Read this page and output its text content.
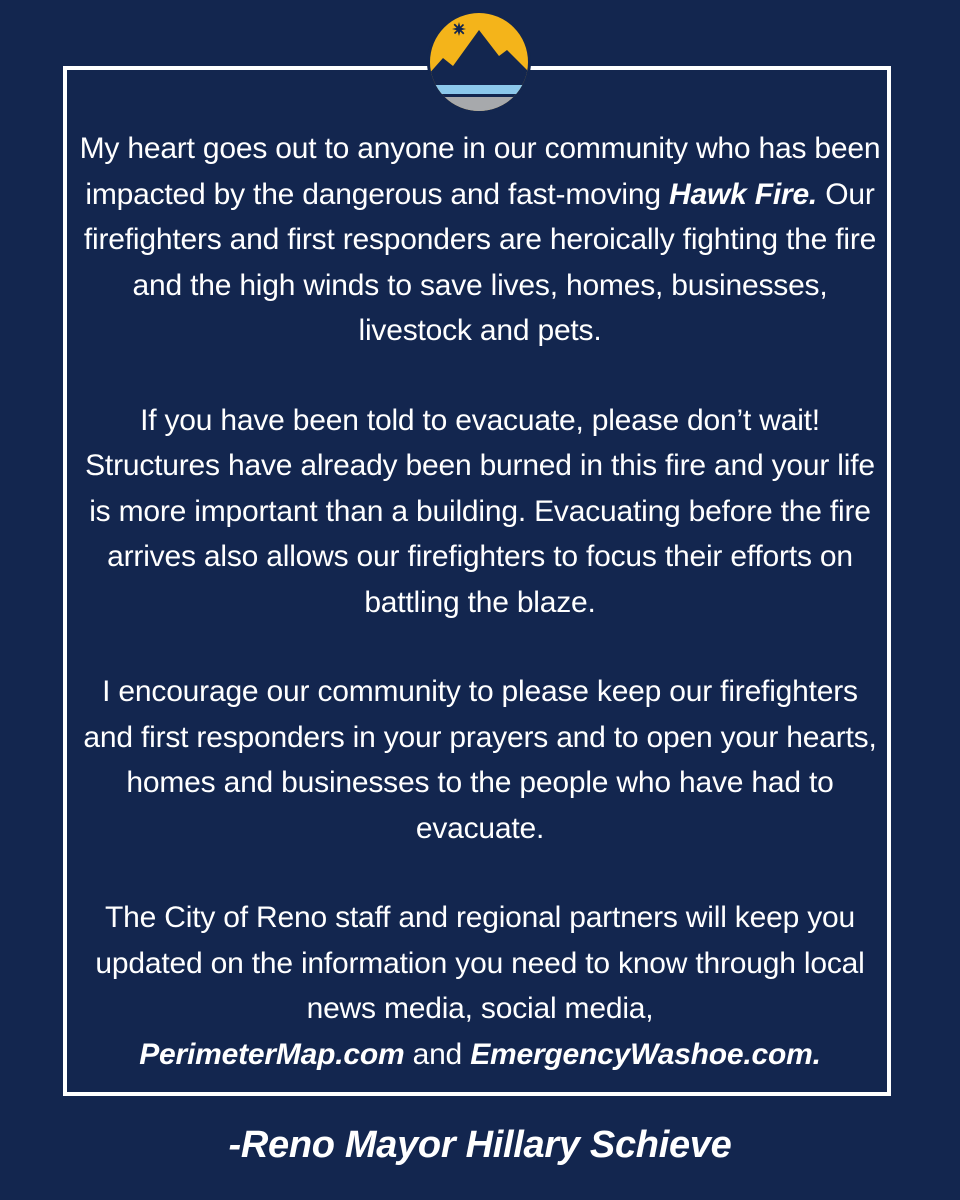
My heart goes out to anyone in our community who has been impacted by the dangerous and fast-moving Hawk Fire. Our firefighters and first responders are heroically fighting the fire and the high winds to save lives, homes, businesses, livestock and pets.

If you have been told to evacuate, please don’t wait! Structures have already been burned in this fire and your life is more important than a building. Evacuating before the fire arrives also allows our firefighters to focus their efforts on battling the blaze.

I encourage our community to please keep our firefighters and first responders in your prayers and to open your hearts, homes and businesses to the people who have had to evacuate.

The City of Reno staff and regional partners will keep you updated on the information you need to know through local news media, social media,
PerimeterMap.com and EmergencyWashoe.com.

-Reno Mayor Hillary Schieve
